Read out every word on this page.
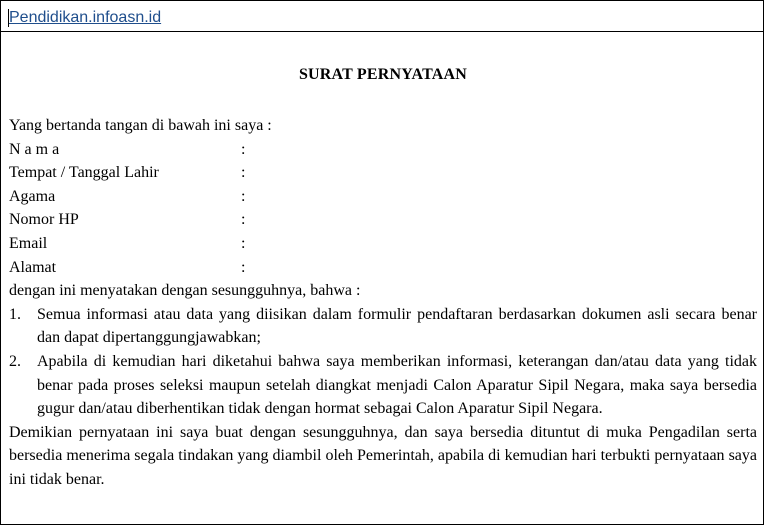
Pendidikan.infoasn.id
SURAT PERNYATAAN
Yang bertanda tangan di bawah ini saya :
N a m a	:
Tempat / Tanggal Lahir	:
Agama	:
Nomor HP	:
Email	:
Alamat	:
dengan ini menyatakan dengan sesungguhnya, bahwa :
1.	Semua informasi atau data yang diisikan dalam formulir pendaftaran berdasarkan dokumen asli secara benar dan dapat dipertanggungjawabkan;
2.	Apabila di kemudian hari diketahui bahwa saya memberikan informasi, keterangan dan/atau data yang tidak benar pada proses seleksi maupun setelah diangkat menjadi Calon Aparatur Sipil Negara, maka saya bersedia gugur dan/atau diberhentikan tidak dengan hormat sebagai Calon Aparatur Sipil Negara.
Demikian pernyataan ini saya buat dengan sesungguhnya, dan saya bersedia dituntut di muka Pengadilan serta bersedia menerima segala tindakan yang diambil oleh Pemerintah, apabila di kemudian hari terbukti pernyataan saya ini tidak benar.
